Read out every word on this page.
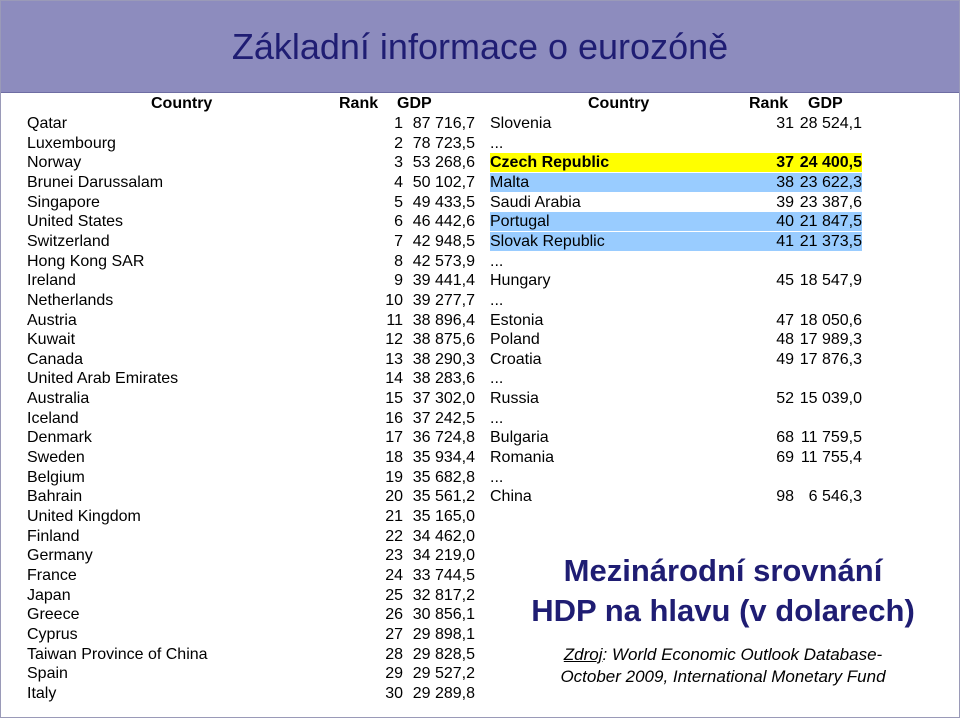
Základní informace o eurozóně
Country	Rank GDP
Qatar	1 87 716,7
Luxembourg	2 78 723,5
Norway	3 53 268,6
Brunei Darussalam	4 50 102,7
Singapore	5 49 433,5
United States	6 46 442,6
Switzerland	7 42 948,5
Hong Kong SAR	8 42 573,9
Ireland	9 39 441,4
Netherlands	10 39 277,7
Austria	11 38 896,4
Kuwait	12 38 875,6
Canada	13 38 290,3
United Arab Emirates	14 38 283,6
Australia	15 37 302,0
Iceland	16 37 242,5
Denmark	17 36 724,8
Sweden	18 35 934,4
Belgium	19 35 682,8
Bahrain	20 35 561,2
United Kingdom	21 35 165,0
Finland	22 34 462,0
Germany	23 34 219,0
France	24 33 744,5
Japan	25 32 817,2
Greece	26 30 856,1
Cyprus	27 29 898,1
Taiwan Province of China	28 29 828,5
Spain	29 29 527,2
Italy	30 29 289,8
Country	Rank GDP
Slovenia	31 28 524,1
...
Czech Republic	37 24 400,5
Malta	38 23 622,3
Saudi Arabia	39 23 387,6
Portugal	40 21 847,5
Slovak Republic	41 21 373,5
...
Hungary	45 18 547,9
...
Estonia	47 18 050,6
Poland	48 17 989,3
Croatia	49 17 876,3
...
Russia	52 15 039,0
...
Bulgaria	68 11 759,5
Romania	69 11 755,4
...
China	98 6 546,3
Mezinárodní srovnání
HDP na hlavu (v dolarech)
Zdroj: World Economic Outlook Database-
October 2009, International Monetary Fund
